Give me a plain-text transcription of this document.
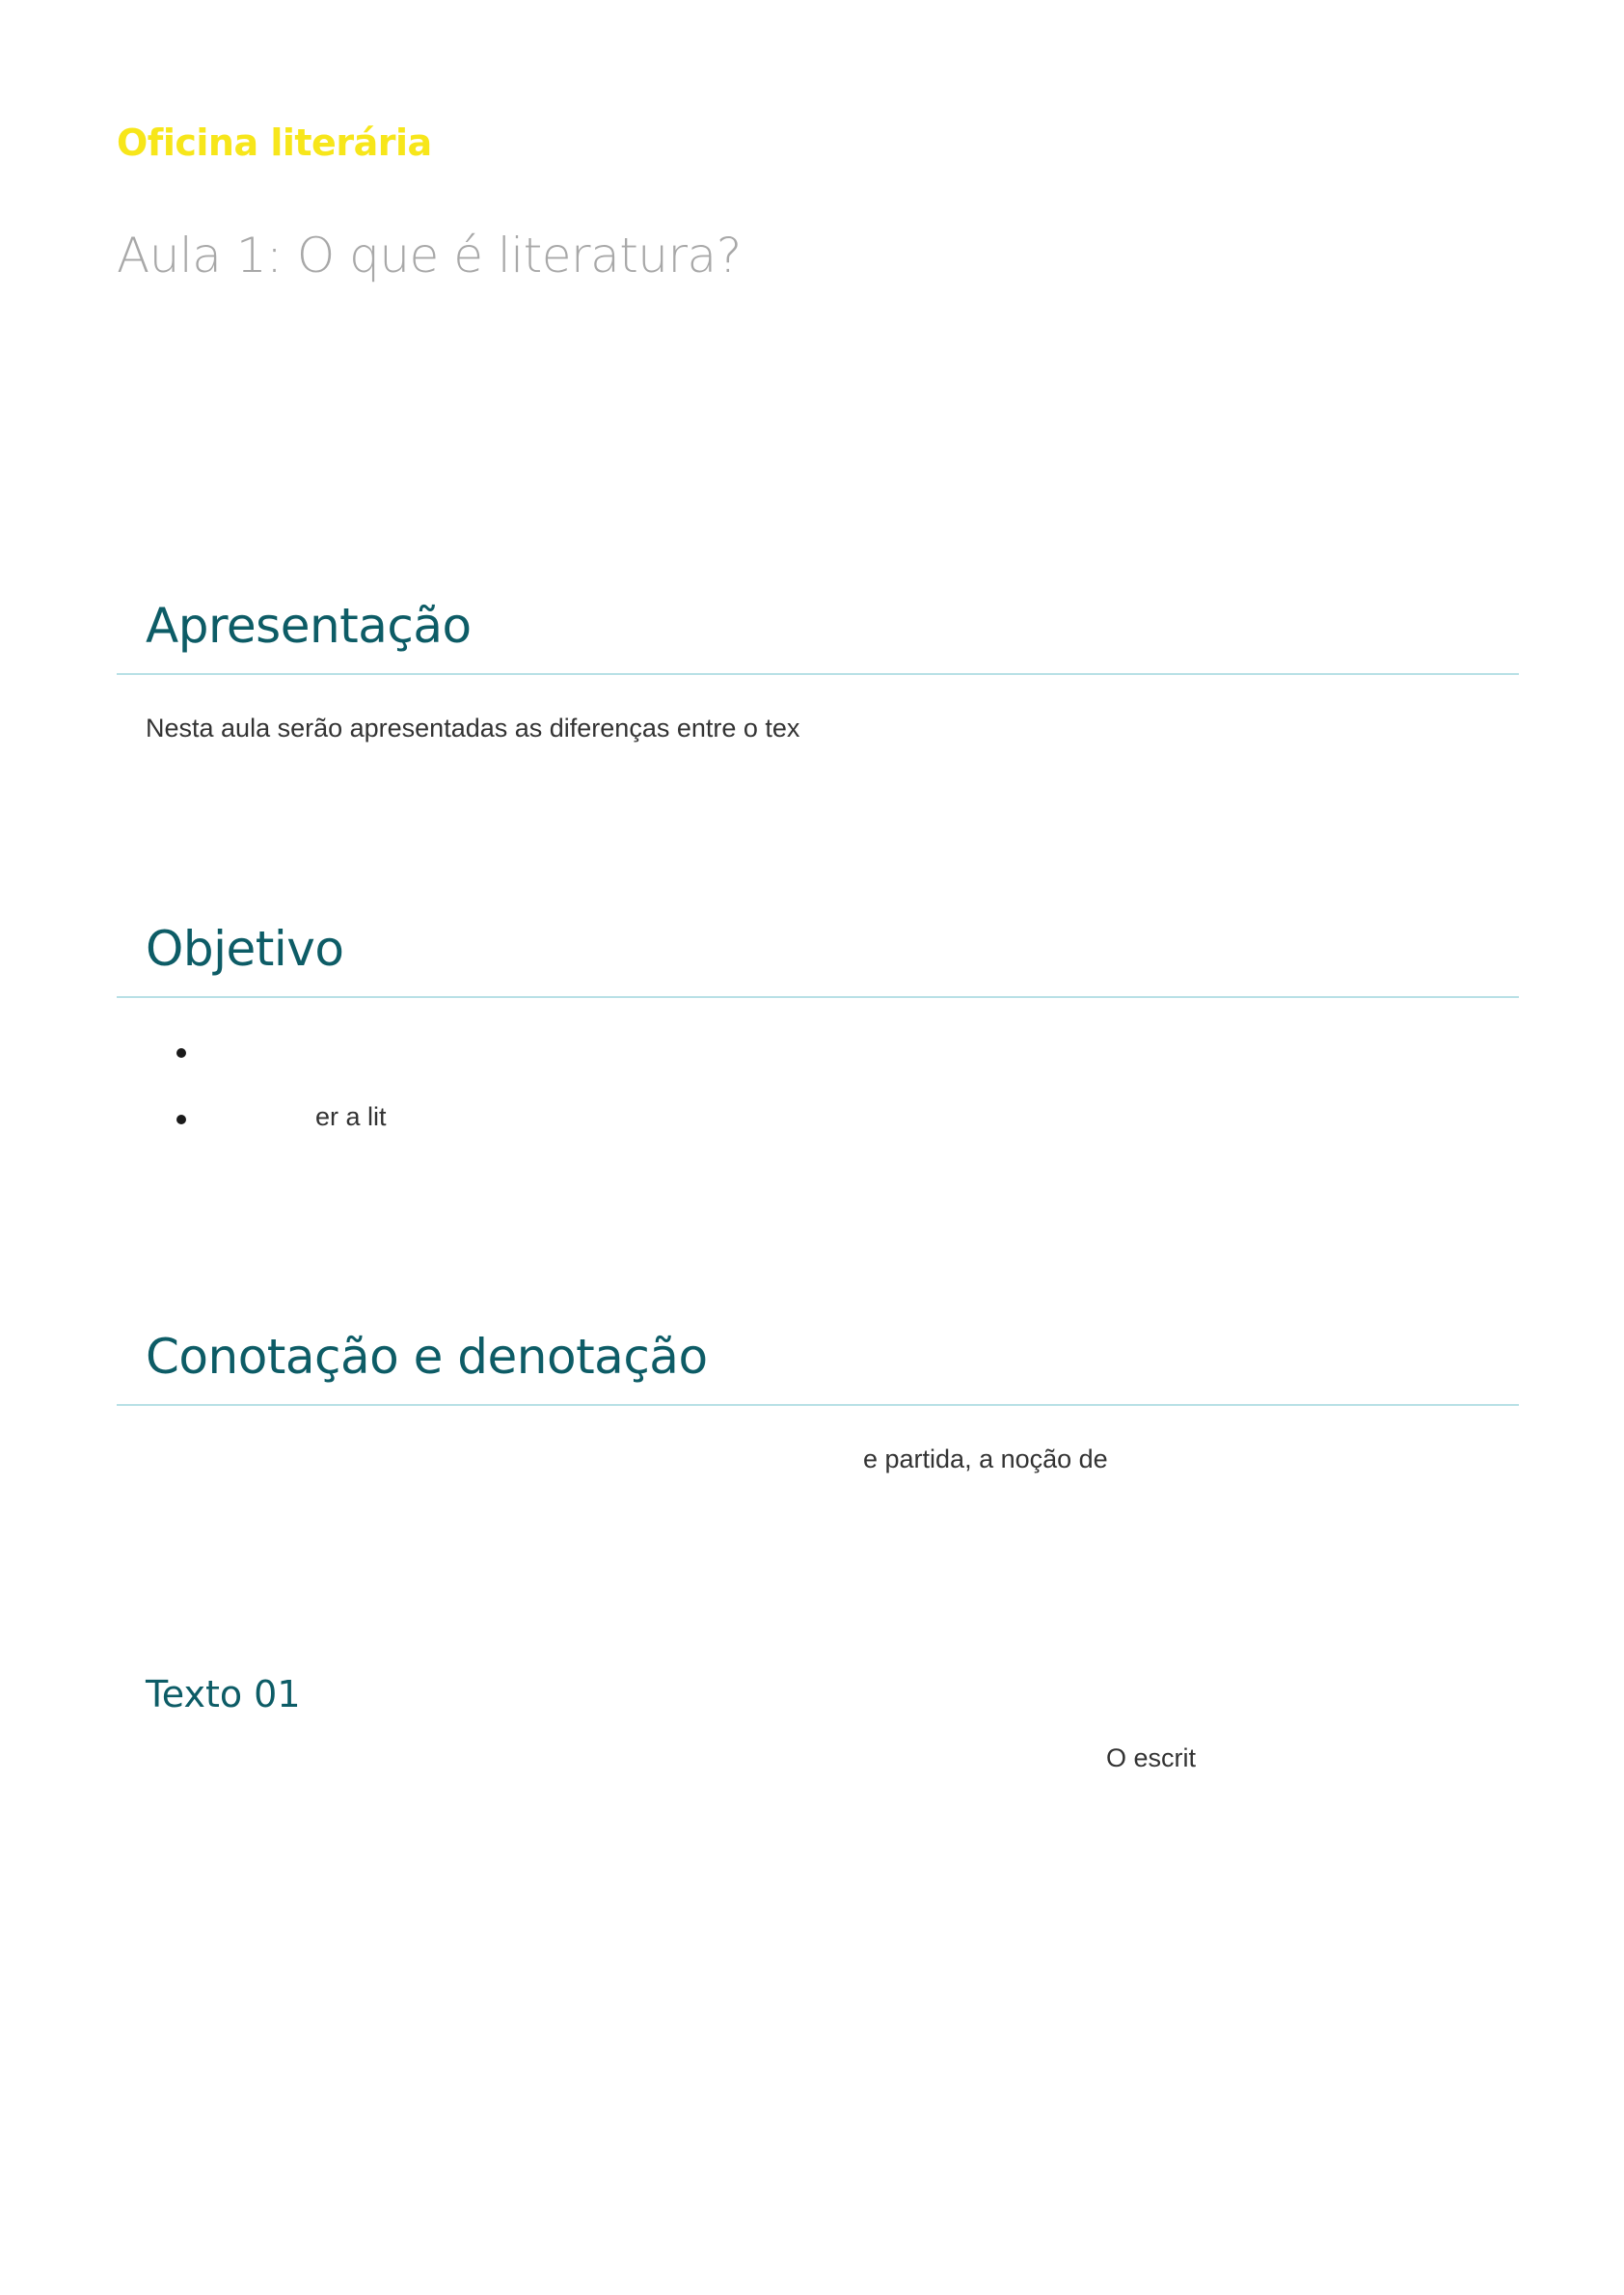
Oficina literária
Aula 1: O que é literatura?
Apresentação
Nesta aula serão apresentadas as diferenças entre o tex
Objetivo
er a lit
Conotação e denotação
e partida, a noção de
Texto 01
O escrit
